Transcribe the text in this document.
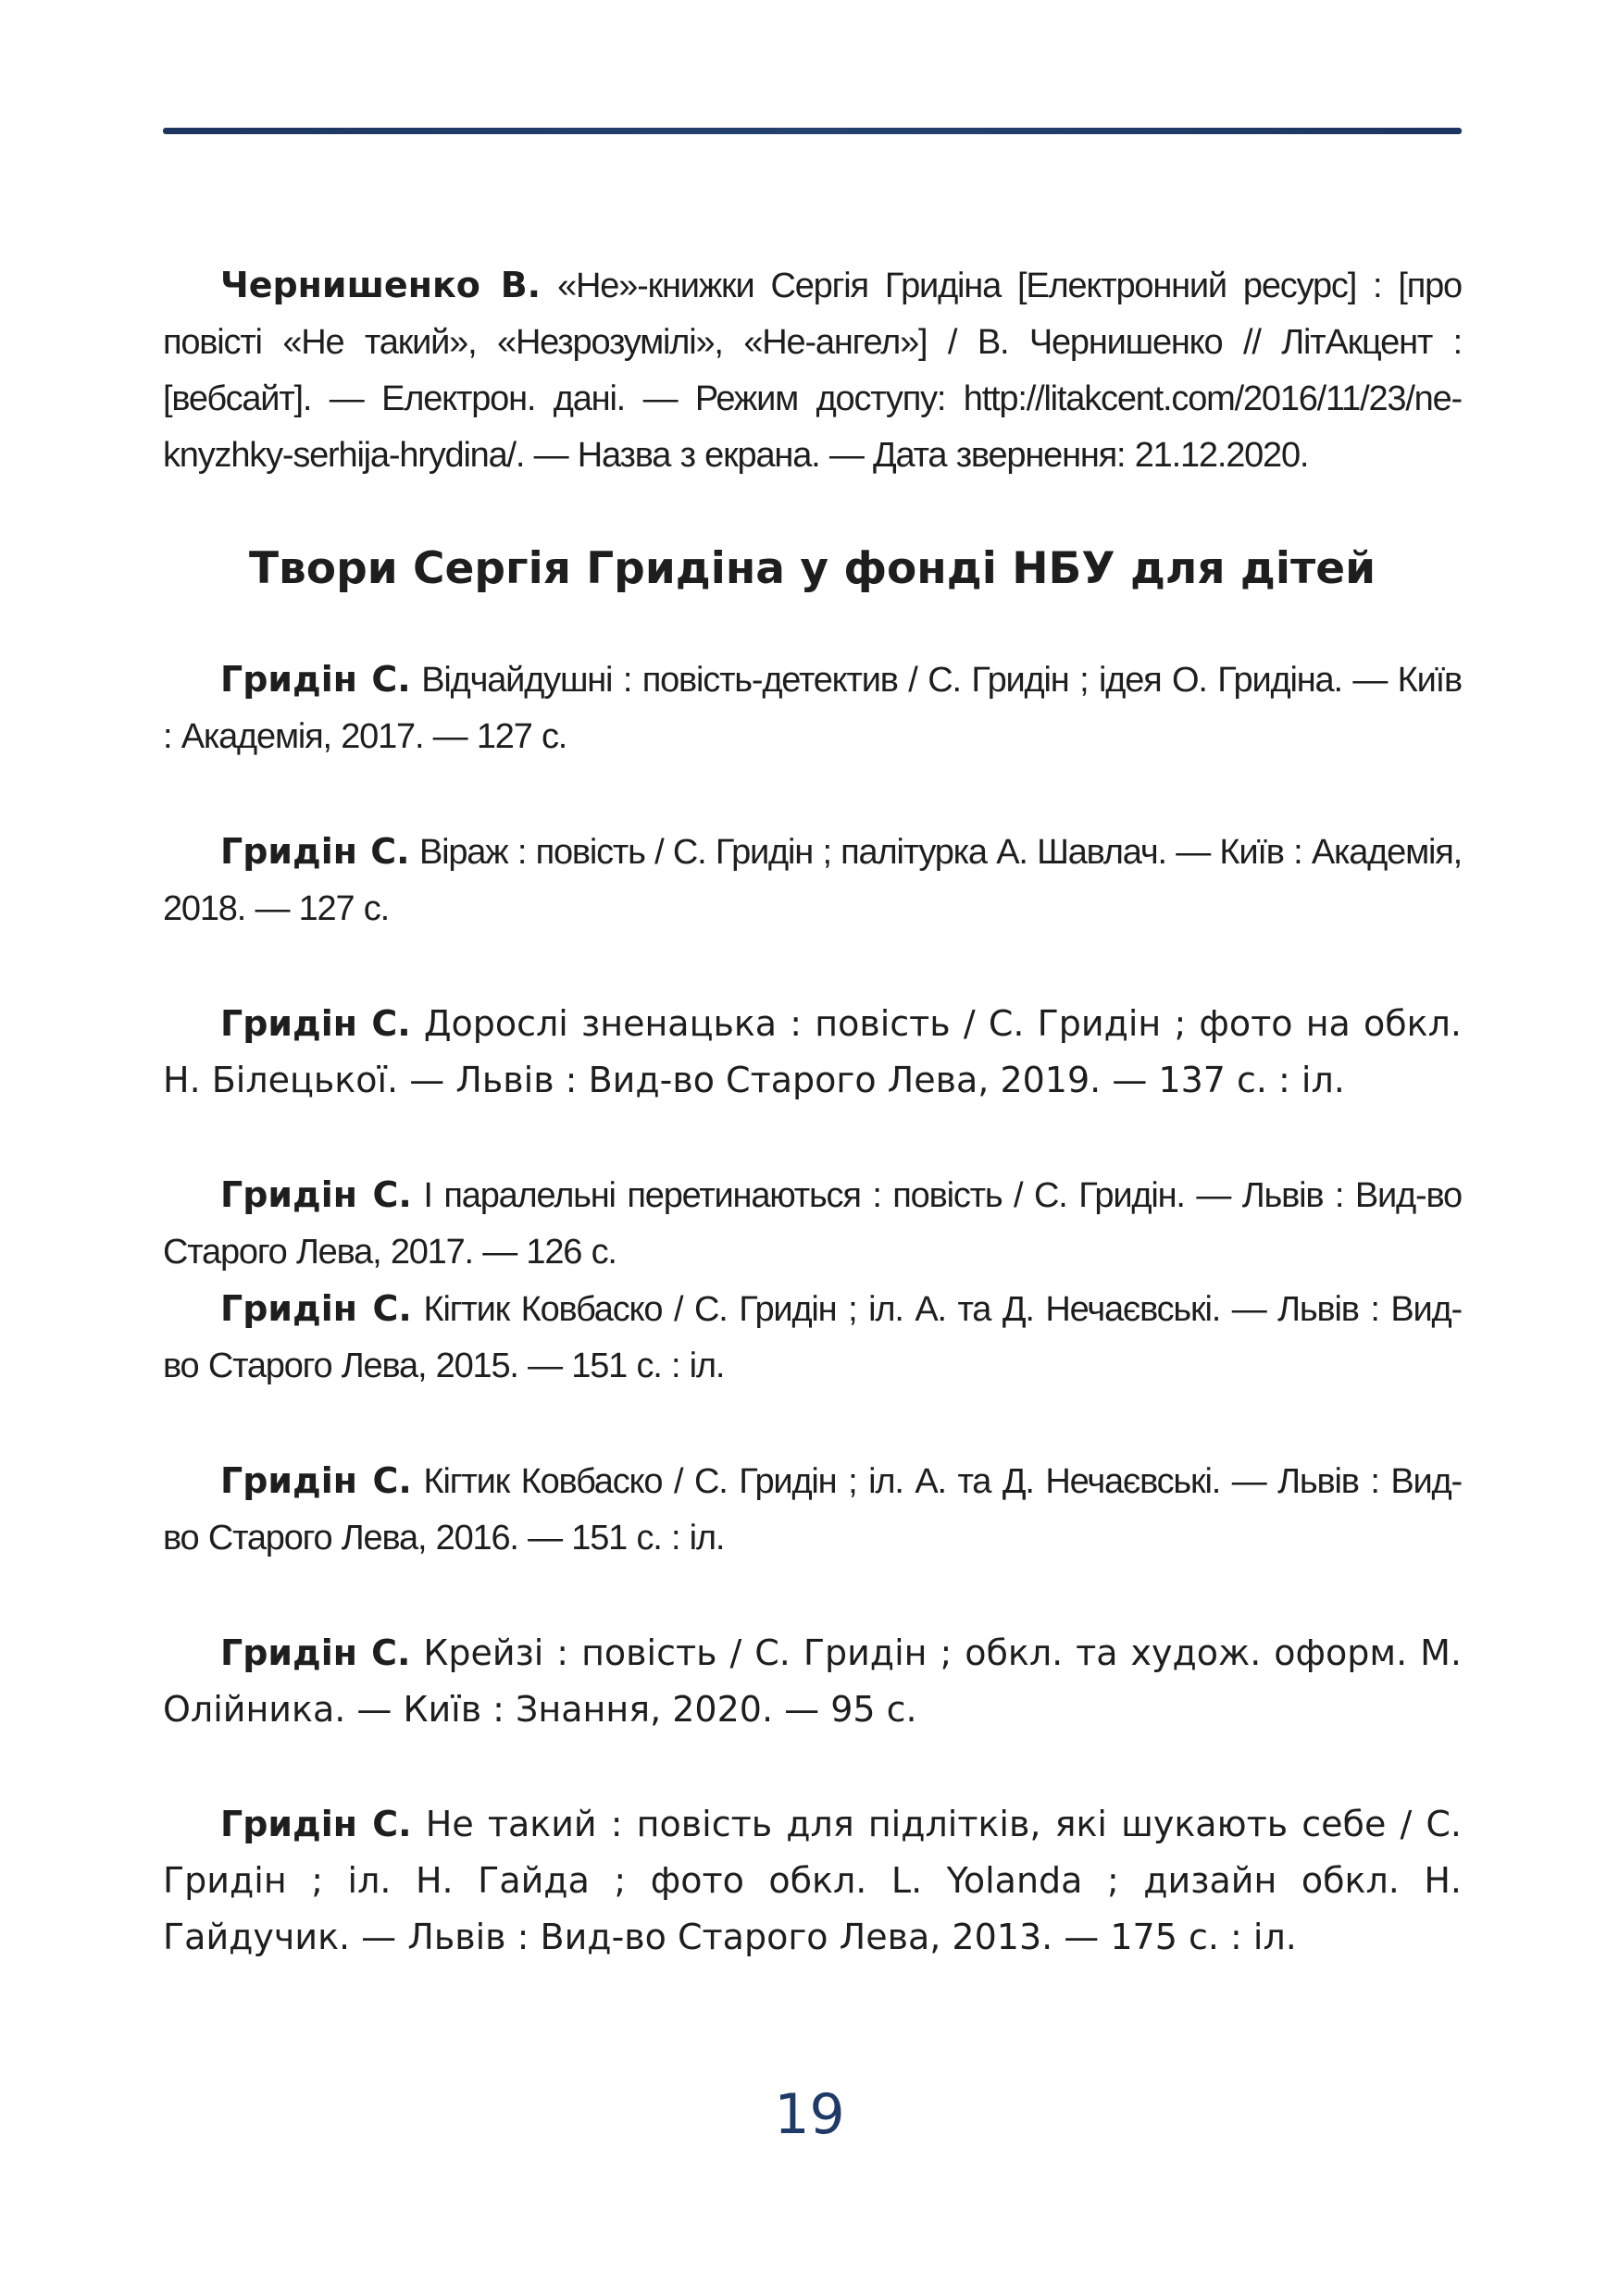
Чернишенко В. «Не»-книжки Сергія Гридіна [Електронний ресурс] : [про повісті «Не такий», «Незрозумілі», «Не-ангел»] / В. Чернишенко // ЛітАкцент : [вебсайт]. — Електрон. дані. — Режим доступу: http://litakcent.com/2016/11/23/ne-knyzhky-serhija-hrydina/. — Назва з екрана. — Дата звернення: 21.12.2020.

Твори Сергія Гридіна у фонді НБУ для дітей

Гридін С. Відчайдушні : повість-детектив / С. Гридін ; ідея О. Гридіна. — Київ : Академія, 2017. — 127 с.

Гридін С. Віраж : повість / С. Гридін ; палітурка А. Шавлач. — Київ : Академія, 2018. — 127 с.

Гридін С. Дорослі зненацька : повість / С. Гридін ; фото на обкл. Н. Білецької. — Львів : Вид-во Старого Лева, 2019. — 137 с. : іл.

Гридін С. І паралельні перетинаються : повість / С. Гридін. — Львів : Вид-во Старого Лева, 2017. — 126 с.

Гридін С. Кігтик Ковбаско / С. Гридін ; іл. А. та Д. Нечаєвські. — Львів : Вид-во Старого Лева, 2015. — 151 с. : іл.

Гридін С. Кігтик Ковбаско / С. Гридін ; іл. А. та Д. Нечаєвські. — Львів : Вид-во Старого Лева, 2016. — 151 с. : іл.

Гридін С. Крейзі : повість / С. Гридін ; обкл. та худож. оформ. М. Олійника. — Київ : Знання, 2020. — 95 с.

Гридін С. Не такий : повість для підлітків, які шукають себе / С. Гридін ; іл. Н. Гайда ; фото обкл. L. Yolanda ; дизайн обкл. Н. Гайдучик. — Львів : Вид-во Старого Лева, 2013. — 175 с. : іл.

19
